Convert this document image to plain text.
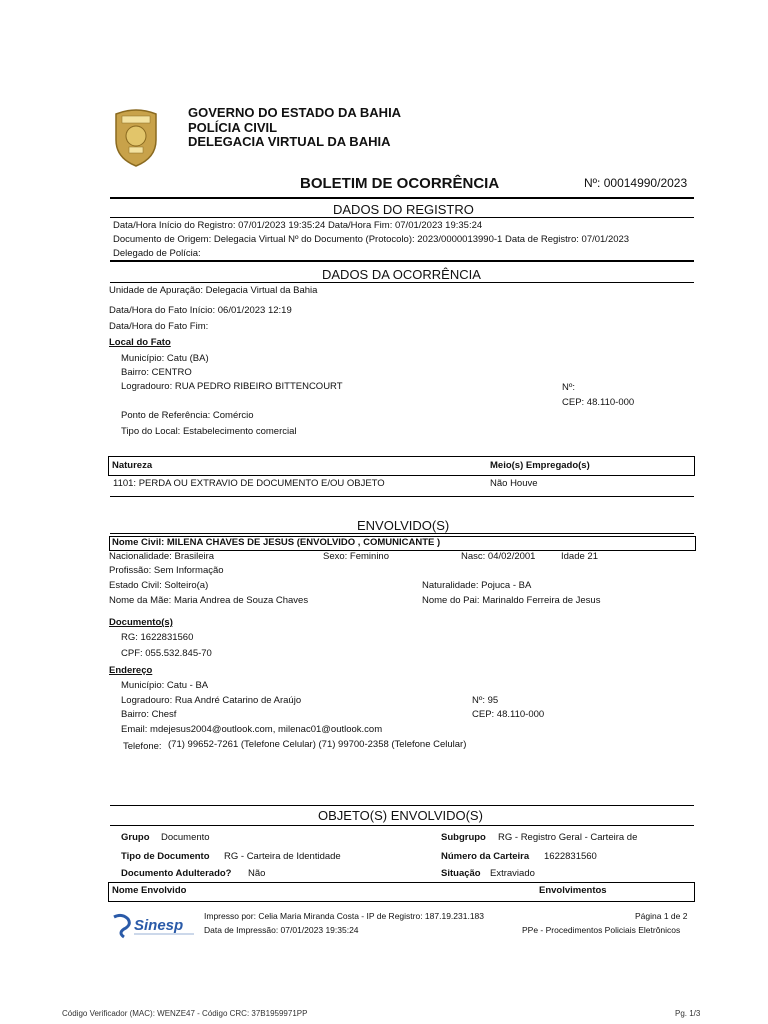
GOVERNO DO ESTADO DA BAHIA
POLÍCIA CIVIL
DELEGACIA VIRTUAL DA BAHIA
BOLETIM DE OCORRÊNCIA	Nº: 00014990/2023
DADOS DO REGISTRO
Data/Hora Início do Registro: 07/01/2023 19:35:24 Data/Hora Fim: 07/01/2023 19:35:24
Documento de Origem: Delegacia Virtual Nº do Documento (Protocolo): 2023/0000013990-1 Data de Registro: 07/01/2023
Delegado de Polícia:
DADOS DA OCORRÊNCIA
Unidade de Apuração: Delegacia Virtual da Bahia
Data/Hora do Fato Início: 06/01/2023 12:19
Data/Hora do Fato Fim:
Local do Fato
Município: Catu (BA)
Bairro: CENTRO
Logradouro: RUA PEDRO RIBEIRO BITTENCOURT	Nº:
CEP: 48.110-000
Ponto de Referência: Comércio
Tipo do Local: Estabelecimento comercial
Natureza	Meio(s) Empregado(s)
1101: PERDA OU EXTRAVIO DE DOCUMENTO E/OU OBJETO	Não Houve
ENVOLVIDO(S)
Nome Civil: MILENA CHAVES DE JESUS (ENVOLVIDO , COMUNICANTE )
Nacionalidade: Brasileira	Sexo: Feminino	Nasc: 04/02/2001	Idade 21
Profissão: Sem Informação
Estado Civil: Solteiro(a)	Naturalidade: Pojuca - BA
Nome da Mãe: Maria Andrea de Souza Chaves	Nome do Pai: Marinaldo Ferreira de Jesus
Documento(s)
RG: 1622831560
CPF: 055.532.845-70
Endereço
Município: Catu - BA
Logradouro: Rua André Catarino de Araújo	Nº: 95
Bairro: Chesf	CEP: 48.110-000
Email: mdejesus2004@outlook.com, milenac01@outlook.com
Telefone: (71) 99652-7261 (Telefone Celular) (71) 99700-2358 (Telefone Celular)
OBJETO(S) ENVOLVIDO(S)
Grupo Documento	Subgrupo RG - Registro Geral - Carteira de
Tipo de Documento RG - Carteira de Identidade	Número da Carteira 1622831560
Documento Adulterado? Não	Situação Extraviado
Nome Envolvido	Envolvimentos
Sinesp
Impresso por: Celia Maria Miranda Costa - IP de Registro: 187.19.231.183
Data de Impressão: 07/01/2023 19:35:24
Página 1 de 2
PPe - Procedimentos Policiais Eletrônicos
Código Verificador (MAC): WENZE47 - Código CRC: 37B1959971PP	Pg. 1/3
